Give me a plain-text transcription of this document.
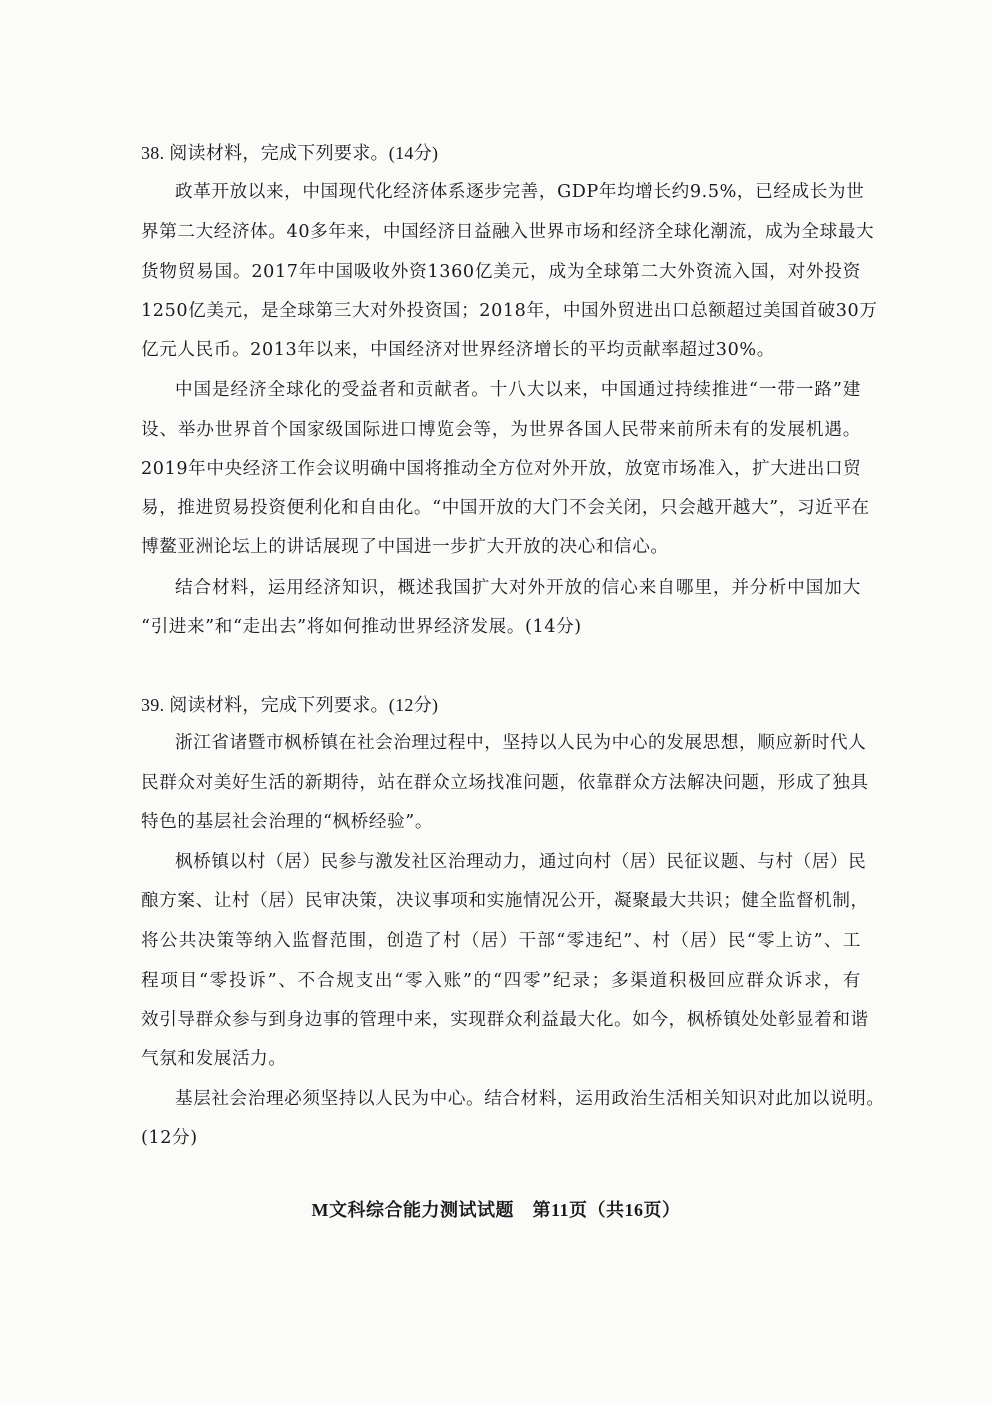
38. 阅读材料，完成下列要求。(14分)
政革开放以来，中国现代化经济体系逐步完善，GDP年均增长约9.5%，已经成长为世
界第二大经济体。40多年来，中国经济日益融入世界市场和经济全球化潮流，成为全球最大
货物贸易国。2017年中国吸收外资1360亿美元，成为全球第二大外资流入国，对外投资
1250亿美元，是全球第三大对外投资国；2018年，中国外贸进出口总额超过美国首破30万
亿元人民币。2013年以来，中国经济对世界经济增长的平均贡献率超过30%。
中国是经济全球化的受益者和贡献者。十八大以来，中国通过持续推进“一带一路”建
设、举办世界首个国家级国际进口博览会等，为世界各国人民带来前所未有的发展机遇。
2019年中央经济工作会议明确中国将推动全方位对外开放，放宽市场准入，扩大进出口贸
易，推进贸易投资便利化和自由化。“中国开放的大门不会关闭，只会越开越大”，习近平在
博鳌亚洲论坛上的讲话展现了中国进一步扩大开放的决心和信心。
结合材料，运用经济知识，概述我国扩大对外开放的信心来自哪里，并分析中国加大
“引进来”和“走出去”将如何推动世界经济发展。(14分)
39. 阅读材料，完成下列要求。(12分)
浙江省诸暨市枫桥镇在社会治理过程中，坚持以人民为中心的发展思想，顺应新时代人
民群众对美好生活的新期待，站在群众立场找准问题，依靠群众方法解决问题，形成了独具
特色的基层社会治理的“枫桥经验”。
枫桥镇以村（居）民参与激发社区治理动力，通过向村（居）民征议题、与村（居）民
酿方案、让村（居）民审决策，决议事项和实施情况公开，凝聚最大共识；健全监督机制，
将公共决策等纳入监督范围，创造了村（居）干部“零违纪”、村（居）民“零上访”、工
程项目“零投诉”、不合规支出“零入账”的“四零”纪录；多渠道积极回应群众诉求，有
效引导群众参与到身边事的管理中来，实现群众利益最大化。如今，枫桥镇处处彰显着和谐
气氛和发展活力。
基层社会治理必须坚持以人民为中心。结合材料，运用政治生活相关知识对此加以说明。
(12分)
M文科综合能力测试试题　第11页（共16页）
